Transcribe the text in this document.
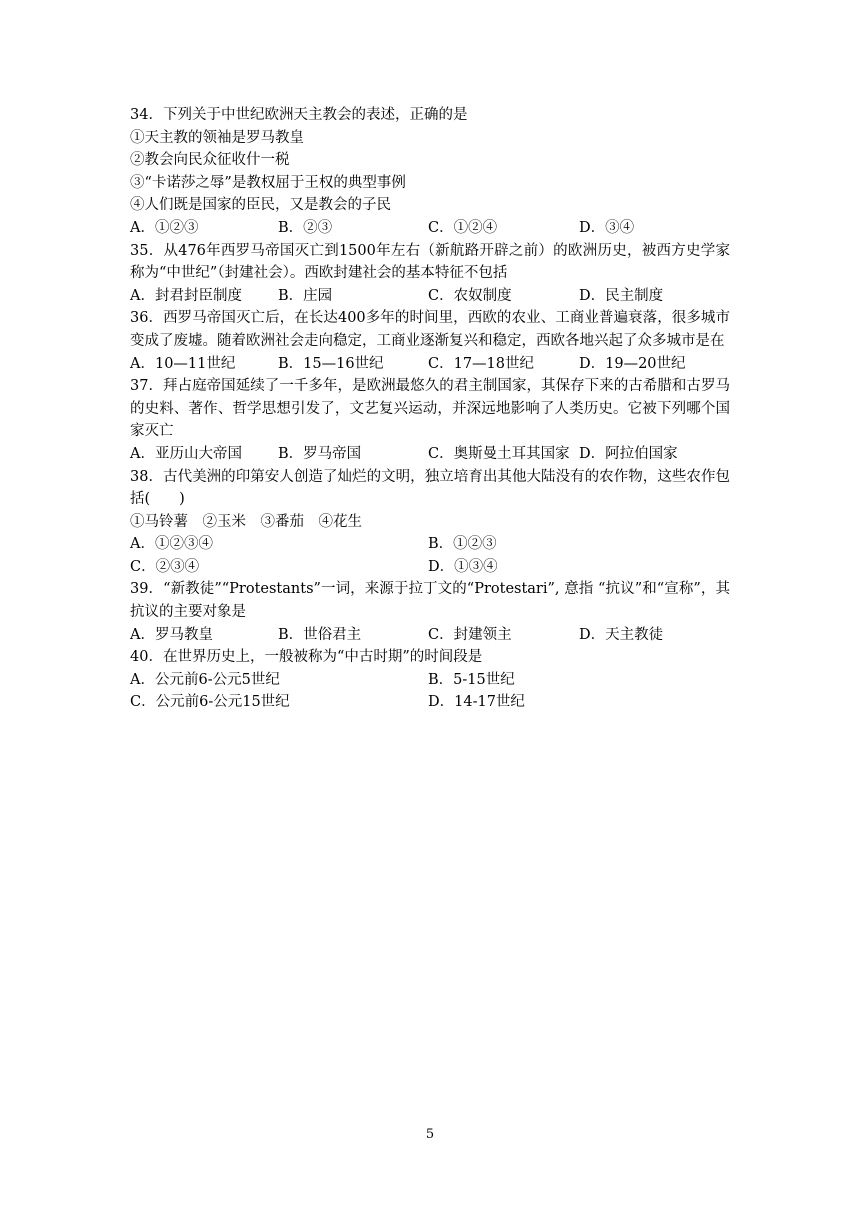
34．下列关于中世纪欧洲天主教会的表述，正确的是
①天主教的领袖是罗马教皇
②教会向民众征收什一税
③“卡诺莎之辱”是教权屈于王权的典型事例
④人们既是国家的臣民，又是教会的子民
A．①②③	B．②③	C．①②④	D．③④
35．从476年西罗马帝国灭亡到1500年左右（新航路开辟之前）的欧洲历史，被西方史学家称为“中世纪”（封建社会）。西欧封建社会的基本特征不包括
A．封君封臣制度 B．庄园	C．农奴制度	D．民主制度
36．西罗马帝国灭亡后，在长达400多年的时间里，西欧的农业、工商业普遍衰落，很多城市变成了废墟。随着欧洲社会走向稳定，工商业逐渐复兴和稳定，西欧各地兴起了众多城市是在
A．10—11世纪	B．15—16世纪	C．17—18世纪	D．19—20世纪
37．拜占庭帝国延续了一千多年，是欧洲最悠久的君主制国家，其保存下来的古希腊和古罗马的史料、著作、哲学思想引发了，文艺复兴运动，并深远地影响了人类历史。它被下列哪个国家灭亡
A．亚历山大帝国 B．罗马帝国	C．奥斯曼土耳其国家 D．阿拉伯国家
38．古代美洲的印第安人创造了灿烂的文明，独立培育出其他大陆没有的农作物，这些农作包括(　　)
①马铃薯　②玉米　③番茄　④花生
A．①②③④	B．①②③
C．②③④	D．①③④
39．“新教徒”“Protestants”一词，来源于拉丁文的“Protestari”, 意指 “抗议”和“宣称”，其抗议的主要对象是
A．罗马教皇	B．世俗君主	C．封建领主	D．天主教徒
40．在世界历史上，一般被称为“中古时期”的时间段是
A．公元前6-公元5世纪	B．5-15世纪
C．公元前6-公元15世纪	D．14-17世纪
5
